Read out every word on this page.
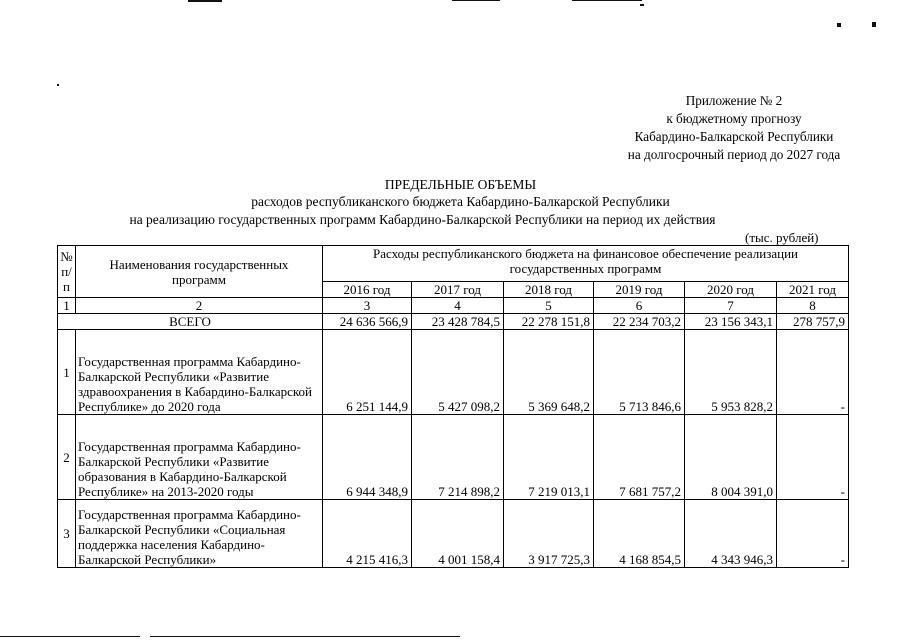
Приложение № 2
к бюджетному прогнозу
Кабардино-Балкарской Республики
на долгосрочный период до 2027 года
ПРЕДЕЛЬНЫЕ ОБЪЕМЫ
расходов республиканского бюджета Кабардино-Балкарской Республики
на реализацию государственных программ Кабардино-Балкарской Республики на период их действия
(тыс. рублей)
№ п/п	Наименования государственных программ	Расходы республиканского бюджета на финансовое обеспечение реализации государственных программ					
		2016 год	2017 год	2018 год	2019 год	2020 год	2021 год
1	2	3	4	5	6	7	8
ВСЕГО		24 636 566,9	23 428 784,5	22 278 151,8	22 234 703,2	23 156 343,1	278 757,9
1	Государственная программа Кабардино-Балкарской Республики «Развитие здравоохранения в Кабардино-Балкарской Республике» до 2020 года	6 251 144,9	5 427 098,2	5 369 648,2	5 713 846,6	5 953 828,2	-
2	Государственная программа Кабардино-Балкарской Республики «Развитие образования в Кабардино-Балкарской Республике» на 2013-2020 годы	6 944 348,9	7 214 898,2	7 219 013,1	7 681 757,2	8 004 391,0	-
3	Государственная программа Кабардино-Балкарской Республики «Социальная поддержка населения Кабардино-Балкарской Республики»	4 215 416,3	4 001 158,4	3 917 725,3	4 168 854,5	4 343 946,3	-
